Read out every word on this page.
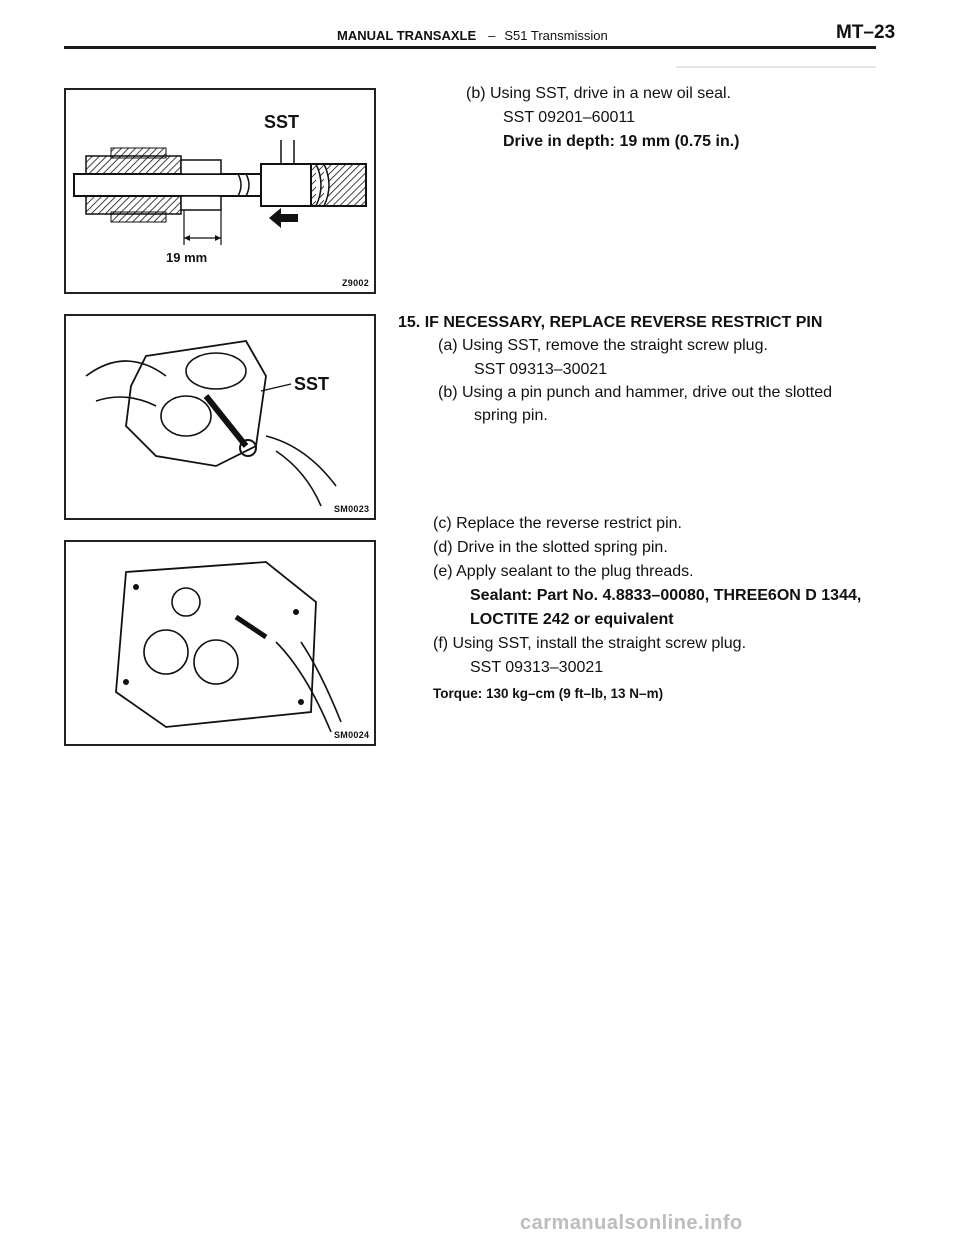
MANUAL TRANSAXLE – S51 Transmission	MT–23
SST
19 mm
Z9002
SST
SM0023
SM0024
(b) Using SST, drive in a new oil seal.
SST 09201–60011
Drive in depth: 19 mm (0.75 in.)
15. IF NECESSARY, REPLACE REVERSE RESTRICT PIN
(a) Using SST, remove the straight screw plug.
SST 09313–30021
(b) Using a pin punch and hammer, drive out the slotted
spring pin.
(c) Replace the reverse restrict pin.
(d) Drive in the slotted spring pin.
(e) Apply sealant to the plug threads.
Sealant: Part No. 4.8833–00080, THREE6ON D 1344,
LOCTITE 242 or equivalent
(f) Using SST, install the straight screw plug.
SST 09313–30021
Torque: 130 kg–cm (9 ft–lb, 13 N–m)
carmanualsonline.info
